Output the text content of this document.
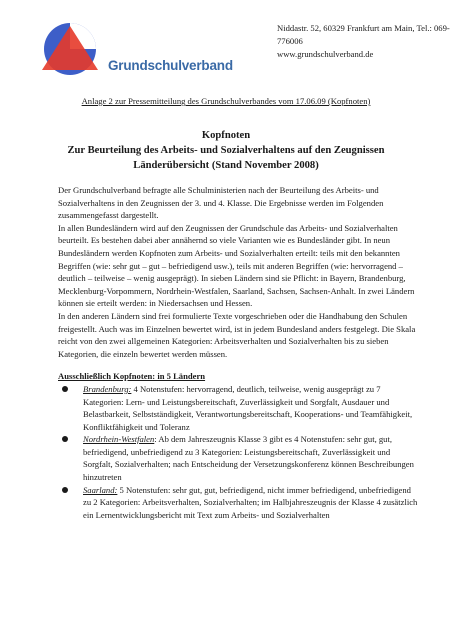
Grundschulverband
Niddastr. 52, 60329 Frankfurt am Main, Tel.: 069-776006
www.grundschulverband.de
Anlage 2 zur Pressemitteilung des Grundschulverbandes vom 17.06.09 (Kopfnoten)
Kopfnoten
Zur Beurteilung des Arbeits- und Sozialverhaltens auf den Zeugnissen
Länderübersicht (Stand November 2008)

Der Grundschulverband befragte alle Schulministerien nach der Beurteilung des Arbeits- und Sozialverhaltens in den Zeugnissen der 3. und 4. Klasse. Die Ergebnisse werden im Folgenden zusammengefasst dargestellt.

In allen Bundesländern wird auf den Zeugnissen der Grundschule das Arbeits- und Sozialverhalten beurteilt. Es bestehen dabei aber annähernd so viele Varianten wie es Bundesländer gibt. In neun Bundesländern werden Kopfnoten zum Arbeits- und Sozialverhalten erteilt: teils mit den bekannten Begriffen (wie: sehr gut – gut – befriedigend usw.), teils mit anderen Begriffen (wie: hervorragend – deutlich – teilweise – wenig ausgeprägt). In sieben Ländern sind sie Pflicht: in Bayern, Brandenburg, Mecklenburg-Vorpommern, Nordrhein-Westfalen, Saarland, Sachsen, Sachsen-Anhalt. In zwei Ländern können sie erteilt werden: in Niedersachsen und Hessen.

In den anderen Ländern sind frei formulierte Texte vorgeschrieben oder die Handhabung den Schulen freigestellt. Auch was im Einzelnen bewertet wird, ist in jedem Bundesland anders festgelegt. Die Skala reicht von den zwei allgemeinen Kategorien: Arbeitsverhalten und Sozialverhalten bis zu sieben Kategorien, die einzeln bewertet werden müssen.

Ausschließlich Kopfnoten: in 5 Ländern

Brandenburg: 4 Notenstufen: hervorragend, deutlich, teilweise, wenig ausgeprägt zu 7 Kategorien: Lern- und Leistungsbereitschaft, Zuverlässigkeit und Sorgfalt, Ausdauer und Belastbarkeit, Selbstständigkeit, Verantwortungsbereitschaft, Kooperations- und Teamfähigkeit, Konfliktfähigkeit und Toleranz
Nordrhein-Westfalen: Ab dem Jahreszeugnis Klasse 3 gibt es 4 Notenstufen: sehr gut, gut, befriedigend, unbefriedigend zu 3 Kategorien: Leistungsbereitschaft, Zuverlässigkeit und Sorgfalt, Sozialverhalten; nach Entscheidung der Versetzungskonferenz können Beschreibungen hinzutreten
Saarland: 5 Notenstufen: sehr gut, gut, befriedigend, nicht immer befriedigend, unbefriedigend zu 2 Kategorien: Arbeitsverhalten, Sozialverhalten; im Halbjahreszeugnis der Klasse 4 zusätzlich ein Lernentwicklungsbericht mit Text zum Arbeits- und Sozialverhalten
